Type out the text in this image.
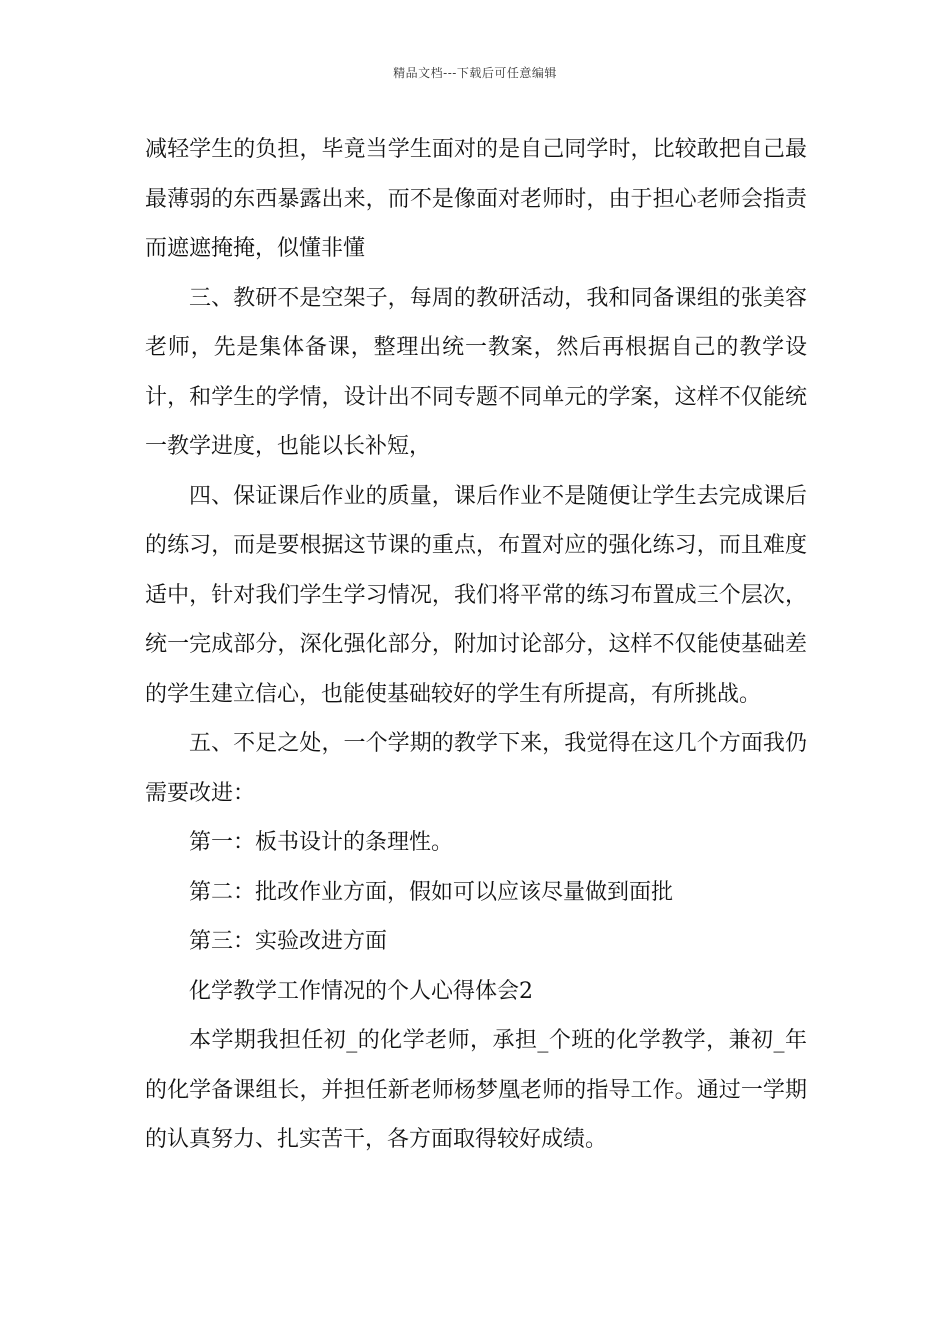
精品文档---下载后可任意编辑

减轻学生的负担，毕竟当学生面对的是自己同学时，比较敢把自己最最薄弱的东西暴露出来，而不是像面对老师时，由于担心老师会指责而遮遮掩掩，似懂非懂

三、教研不是空架子，每周的教研活动，我和同备课组的张美容老师，先是集体备课，整理出统一教案，然后再根据自己的教学设计，和学生的学情，设计出不同专题不同单元的学案，这样不仅能统一教学进度，也能以长补短，

四、保证课后作业的质量，课后作业不是随便让学生去完成课后的练习，而是要根据这节课的重点，布置对应的强化练习，而且难度适中，针对我们学生学习情况，我们将平常的练习布置成三个层次，统一完成部分，深化强化部分，附加讨论部分，这样不仅能使基础差的学生建立信心，也能使基础较好的学生有所提高，有所挑战。

五、不足之处，一个学期的教学下来，我觉得在这几个方面我仍需要改进：

第一：板书设计的条理性。

第二：批改作业方面，假如可以应该尽量做到面批

第三：实验改进方面

化学教学工作情况的个人心得体会2

本学期我担任初_的化学老师，承担_个班的化学教学，兼初_年的化学备课组长，并担任新老师杨梦凰老师的指导工作。通过一学期的认真努力、扎实苦干，各方面取得较好成绩。
